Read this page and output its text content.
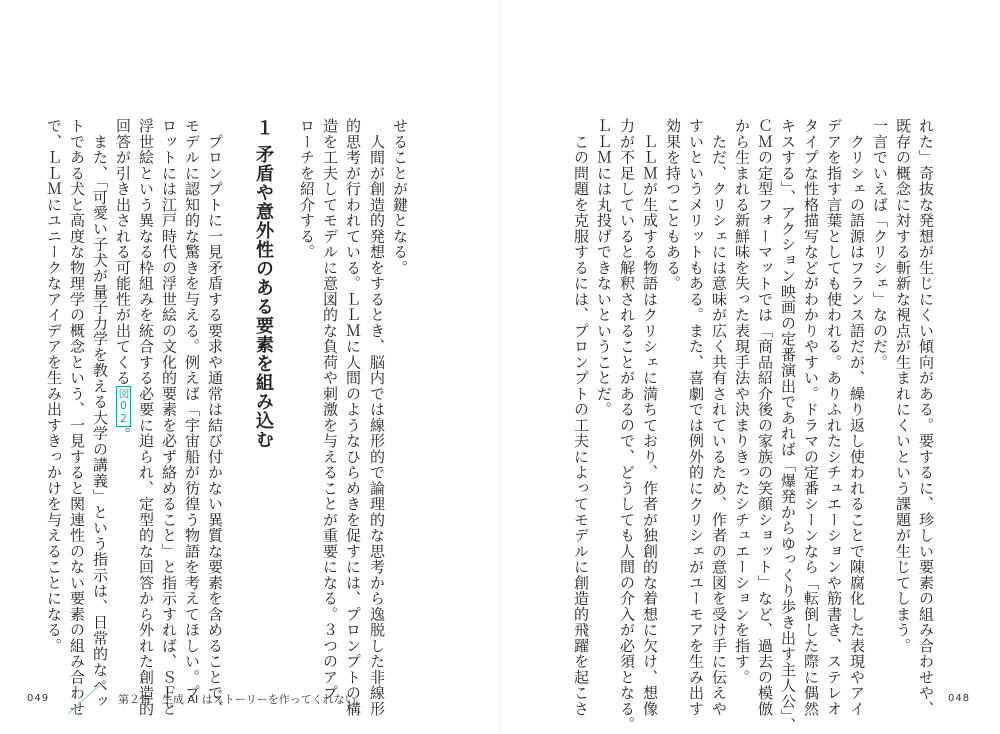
せることが鍵となる。
　人間が創造的発想をするとき、脳内では線形的で論理的な思考から逸脱した非線形
的思考が行われている。ＬＬＭに人間のようなひらめきを促すには、プロンプトの構
造を工夫してモデルに意図的な負荷や刺激を与えることが重要になる。３つのアプ
ローチを紹介する。
１矛盾や意外性のある要素を組み込む
　プロンプトに一見矛盾する要求や通常は結び付かない異質な要素を含めることで、
モデルに認知的な驚きを与える。例えば「宇宙船が彷徨う物語を考えてほしい。プ
ロットには江戸時代の浮世絵の文化的要素を必ず絡めること」と指示すれば、ＳＦと
浮世絵という異なる枠組みを統合する必要に迫られ、定型的な回答から外れた創造的
回答が引き出される可能性が出てくる図02。
　また、「可愛い子犬が量子力学を教える大学の講義」という指示は、日常的なペッ
トである犬と高度な物理学の概念という、一見すると関連性のない要素の組み合わせ
で、ＬＬＭにユニークなアイデアを生み出すきっかけを与えることになる。
049	第２章　生成 AI はストーリーを作ってくれない	れた」奇抜な発想が生じにくい傾向がある。要するに、珍しい要素の組み合わせや、
既存の概念に対する斬新な視点が生まれにくいという課題が生じてしまう。
一言でいえば「クリシェ」なのだ。
　クリシェの語源はフランス語だが、繰り返し使われることで陳腐化した表現やアイ
デアを指す言葉としても使われる。ありふれたシチュエーションや筋書き、ステレオ
タイプな性格描写などがわかりやすい。ドラマの定番シーンなら「転倒した際に偶然
キスする」、アクション映画の定番演出であれば「爆発からゆっくり歩き出す主人公」、
ＣＭの定型フォーマットでは「商品紹介後の家族の笑顔ショット」など、過去の模倣
から生まれる新鮮味を失った表現手法や決まりきったシチュエーションを指す。
　ただ、クリシェには意味が広く共有されているため、作者の意図を受け手に伝えや
すいというメリットもある。また、喜劇では例外的にクリシェがユーモアを生み出す
効果を持つこともある。
　ＬＬＭが生成する物語はクリシェに満ちており、作者が独創的な着想に欠け、想像
力が不足していると解釈されることがあるので、どうしても人間の介入が必須となる。
ＬＬＭには丸投げできないということだ。
　この問題を克服するには、プロンプトの工夫によってモデルに創造的飛躍を起こさ	048
